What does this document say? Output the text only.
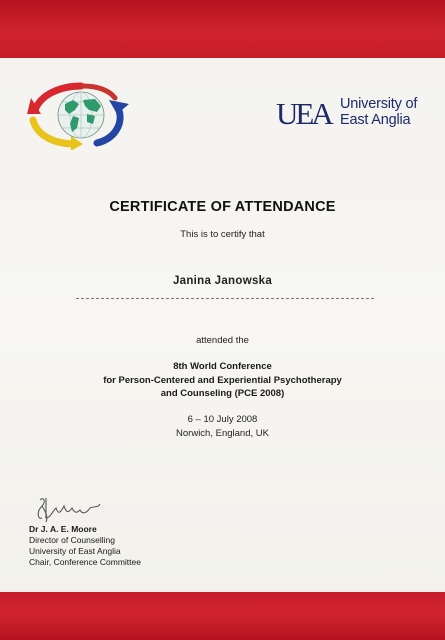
UEA University of
East Anglia
CERTIFICATE OF ATTENDANCE
This is to certify that
Janina Janowska
attended the
8th World Conference
for Person-Centered and Experiential Psychotherapy
and Counseling (PCE 2008)
6 – 10 July 2008
Norwich, England, UK
Dr J. A. E. Moore
Director of Counselling
University of East Anglia
Chair, Conference Committee
